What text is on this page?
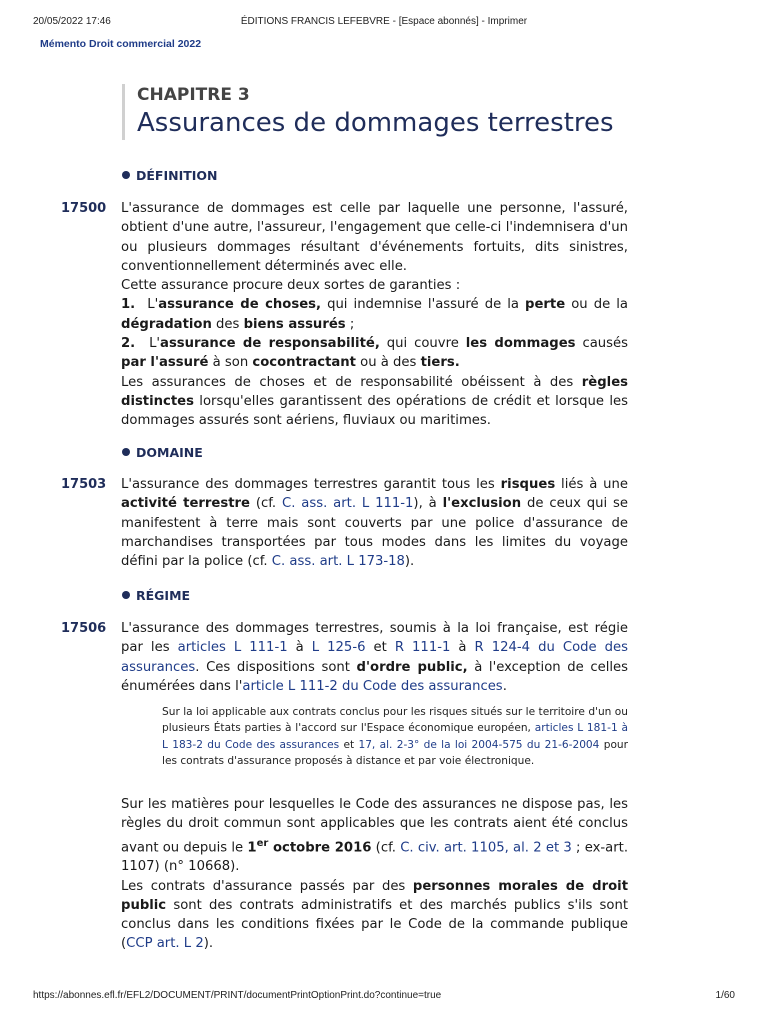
20/05/2022 17:46	ÉDITIONS FRANCIS LEFEBVRE - [Espace abonnés] - Imprimer
Mémento Droit commercial 2022
CHAPITRE 3
Assurances de dommages terrestres
DÉFINITION
17500 L'assurance de dommages est celle par laquelle une personne, l'assuré, obtient d'une autre, l'assureur, l'engagement que celle-ci l'indemnisera d'un ou plusieurs dommages résultant d'événements fortuits, dits sinistres, conventionnellement déterminés avec elle.

Cette assurance procure deux sortes de garanties :

1. L'assurance de choses, qui indemnise l'assuré de la perte ou de la dégradation des biens assurés ;

2. L'assurance de responsabilité, qui couvre les dommages causés par l'assuré à son cocontractant ou à des tiers.

Les assurances de choses et de responsabilité obéissent à des règles distinctes lorsqu'elles garantissent des opérations de crédit et lorsque les dommages assurés sont aériens, fluviaux ou maritimes.

DOMAINE
17503 L'assurance des dommages terrestres garantit tous les risques liés à une activité terrestre (cf. C. ass. art. L 111-1), à l'exclusion de ceux qui se manifestent à terre mais sont couverts par une police d'assurance de marchandises transportées par tous modes dans les limites du voyage défini par la police (cf. C. ass. art. L 173-18).

RÉGIME
17506 L'assurance des dommages terrestres, soumis à la loi française, est régie par les articles L 111-1 à L 125-6 et R 111-1 à R 124-4 du Code des assurances. Ces dispositions sont d'ordre public, à l'exception de celles énumérées dans l'article L 111-2 du Code des assurances.

Sur la loi applicable aux contrats conclus pour les risques situés sur le territoire d'un ou plusieurs États parties à l'accord sur l'Espace économique européen, articles L 181-1 à L 183-2 du Code des assurances et 17, al. 2-3° de la loi 2004-575 du 21-6-2004 pour les contrats d'assurance proposés à distance et par voie électronique.

Sur les matières pour lesquelles le Code des assurances ne dispose pas, les règles du droit commun sont applicables que les contrats aient été conclus avant ou depuis le 1er octobre 2016 (cf. C. civ. art. 1105, al. 2 et 3 ; ex-art. 1107) (n° 10668).

Les contrats d'assurance passés par des personnes morales de droit public sont des contrats administratifs et des marchés publics s'ils sont conclus dans les conditions fixées par le Code de la commande publique (CCP art. L 2).

https://abonnes.efl.fr/EFL2/DOCUMENT/PRINT/documentPrintOptionPrint.do?continue=true	1/60
